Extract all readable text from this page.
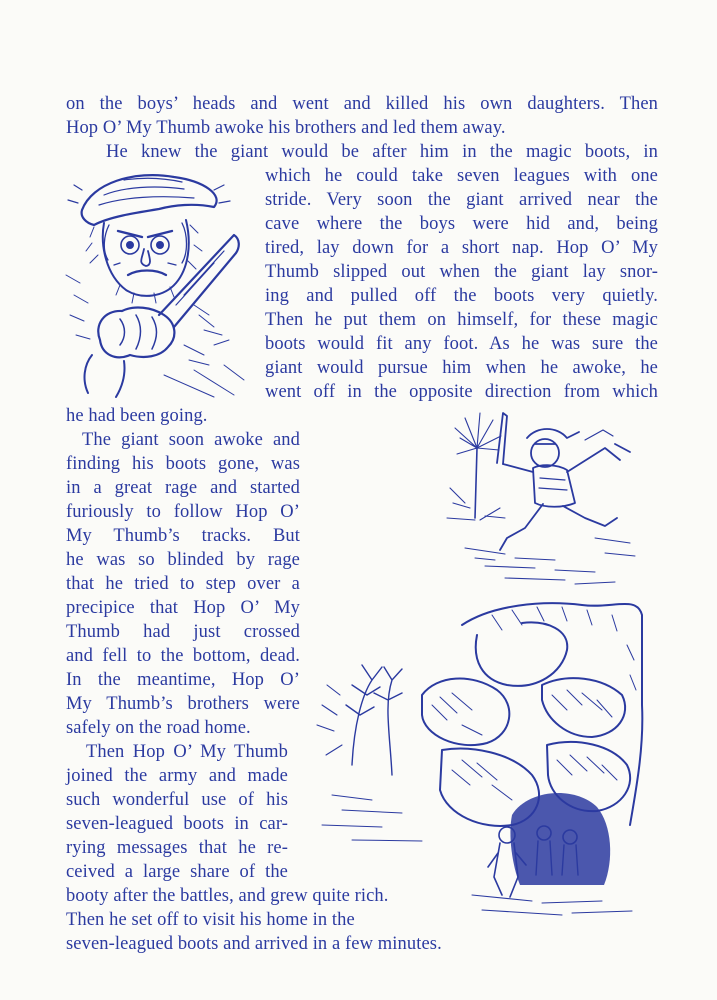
on the boys’ heads and went and killed his own daughters. Then
Hop O’ My Thumb awoke his brothers and led them away.
He knew the giant would be after him in the magic boots, in
which he could take seven leagues with one
stride. Very soon the giant arrived near the
cave where the boys were hid and, being
tired, lay down for a short nap. Hop O’ My
Thumb slipped out when the giant lay snor-
ing and pulled off the boots very quietly.
Then he put them on himself, for these magic
boots would fit any foot. As he was sure the
giant would pursue him when he awoke, he
went off in the opposite direction from which
he had been going.
The giant soon awoke and
finding his boots gone, was
in a great rage and started
furiously to follow Hop O’
My Thumb’s tracks. But
he was so blinded by rage
that he tried to step over a
precipice that Hop O’ My
Thumb had just crossed
and fell to the bottom, dead.
In the meantime, Hop O’
My Thumb’s brothers were
safely on the road home.
Then Hop O’ My Thumb
joined the army and made
such wonderful use of his
seven-leagued boots in car-
rying messages that he re-
ceived a large share of the
booty after the battles, and grew quite rich.
Then he set off to visit his home in the
seven-leagued boots and arrived in a few minutes.
